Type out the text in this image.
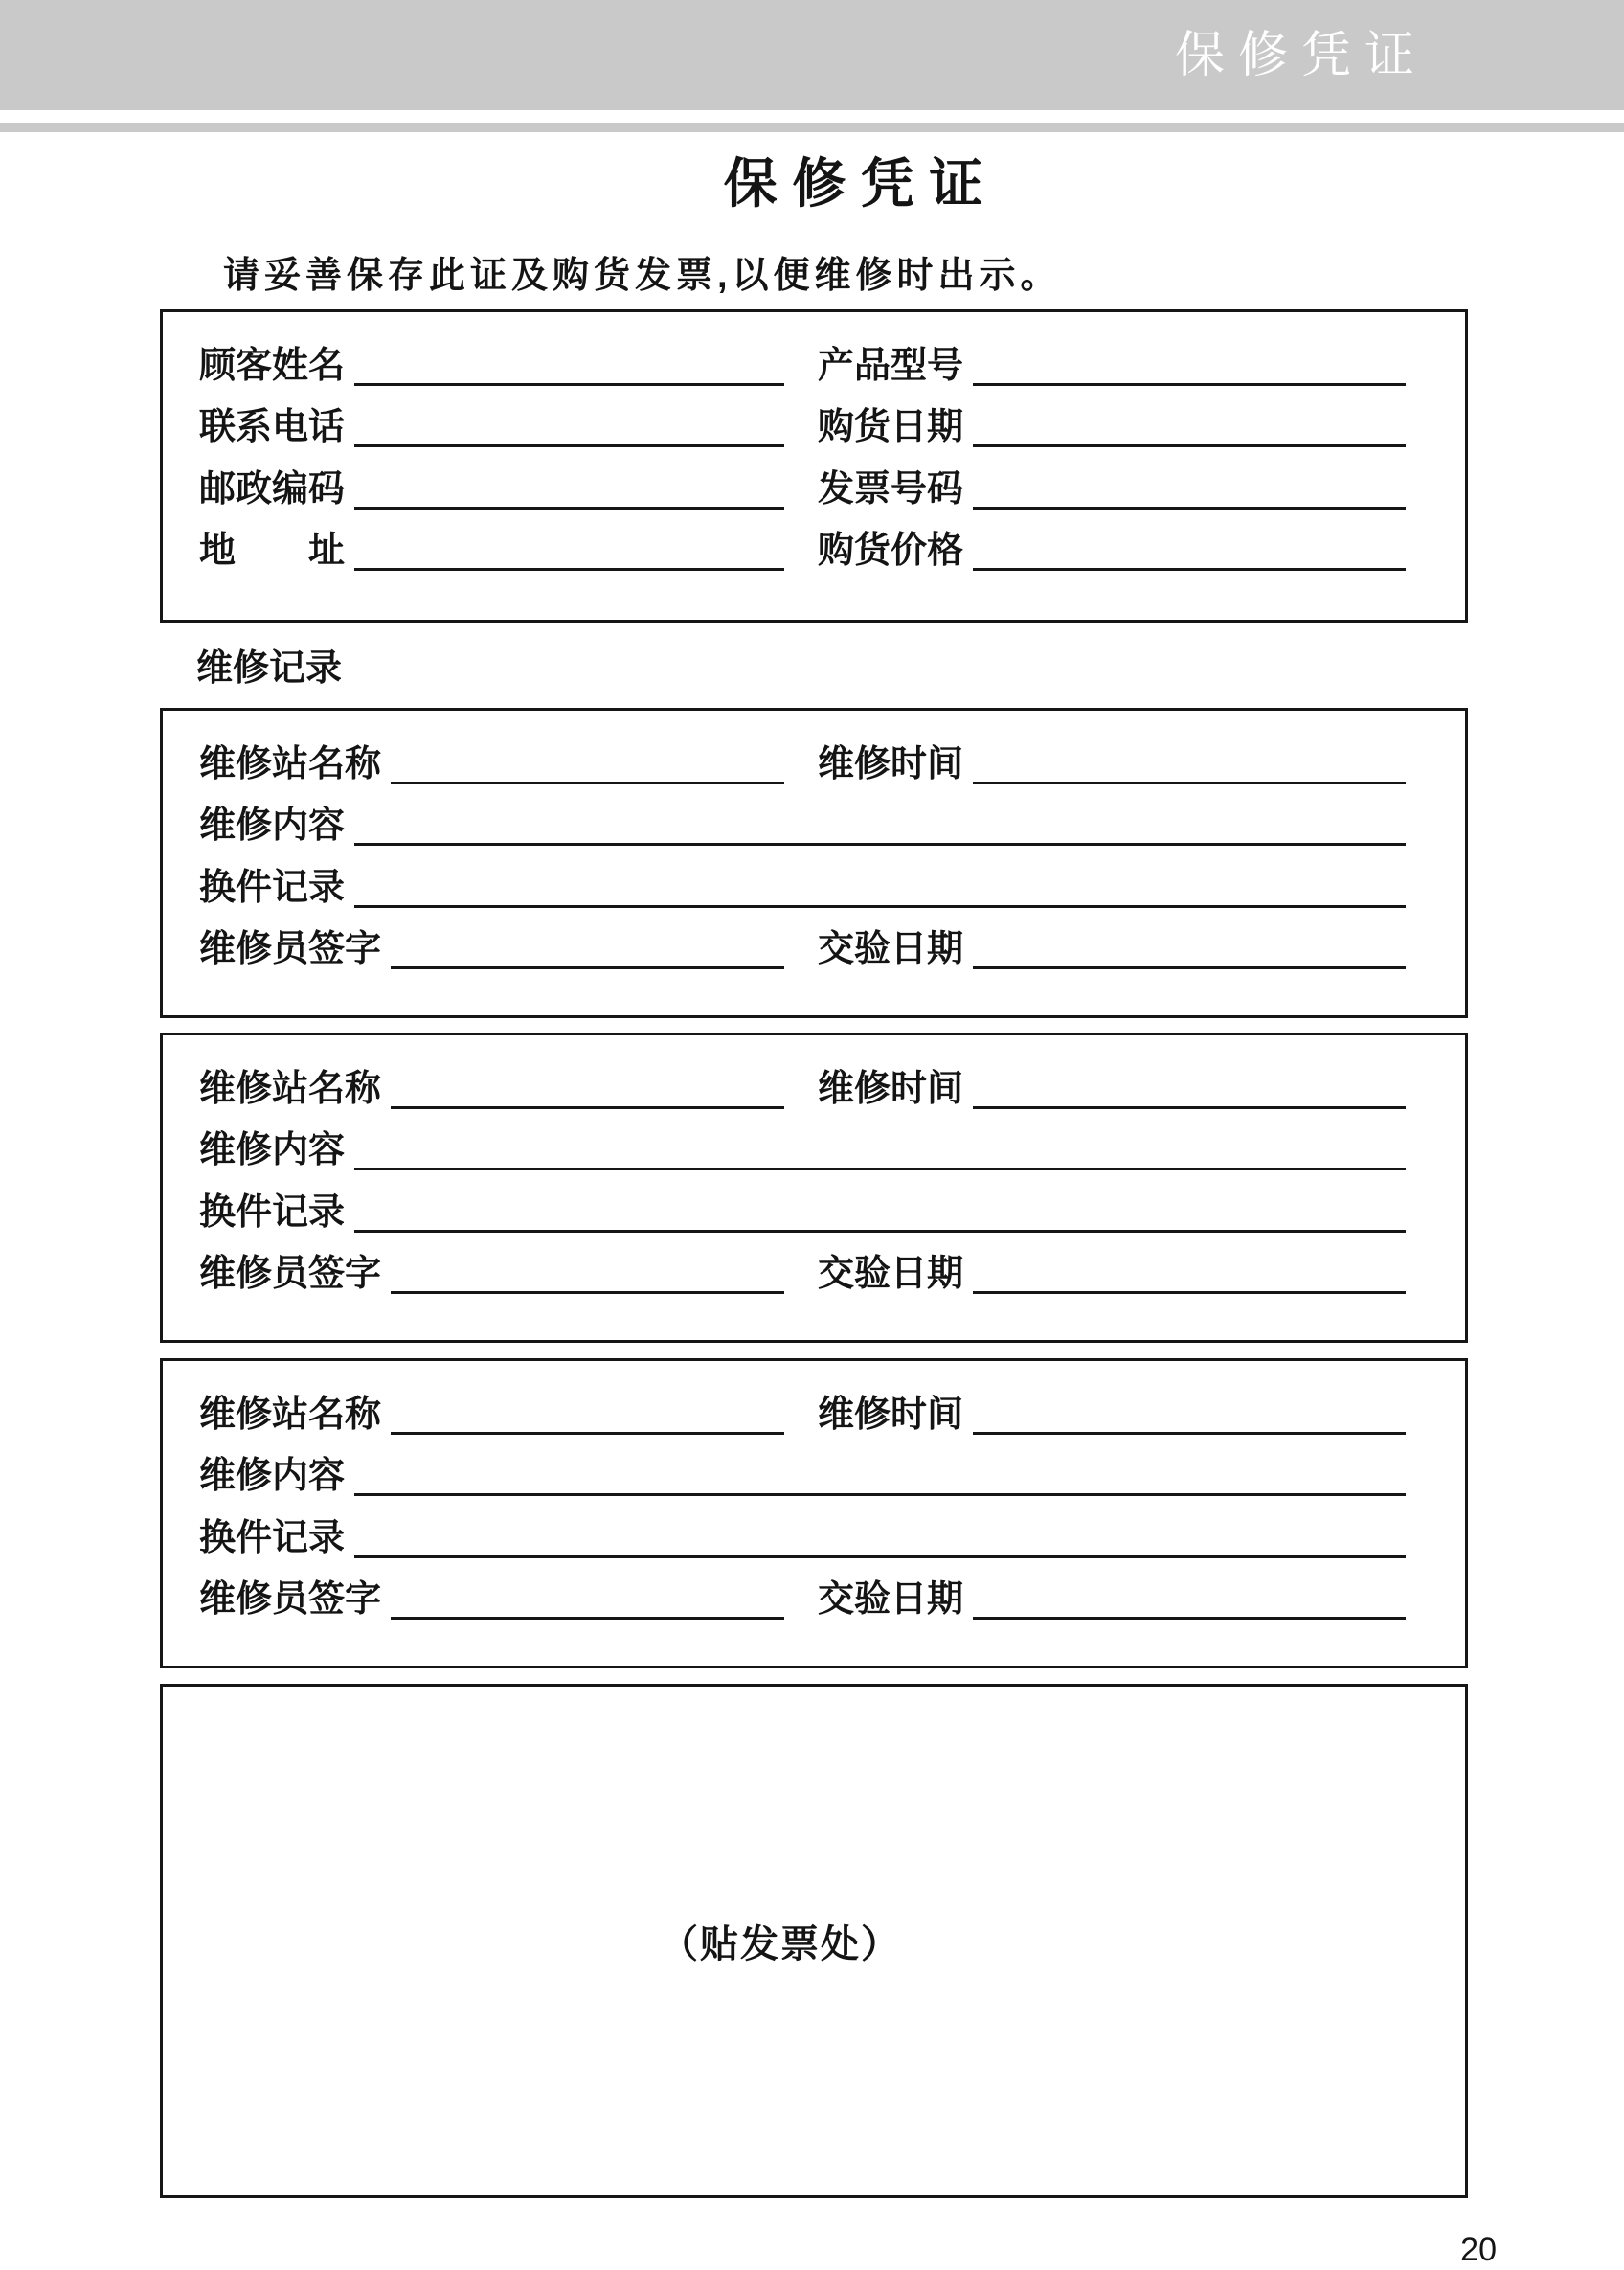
保修凭证
保 修 凭 证

请妥善保存此证及购货发票,以便维修时出示。

顾客姓名	产品型号
联系电话	购货日期
邮政编码	发票号码
地　　址	购货价格
维修记录
维修站名称	维修时间
维修内容
换件记录
维修员签字	交验日期
维修站名称	维修时间
维修内容
换件记录
维修员签字	交验日期
维修站名称	维修时间
维修内容
换件记录
维修员签字	交验日期
（贴发票处）
20
